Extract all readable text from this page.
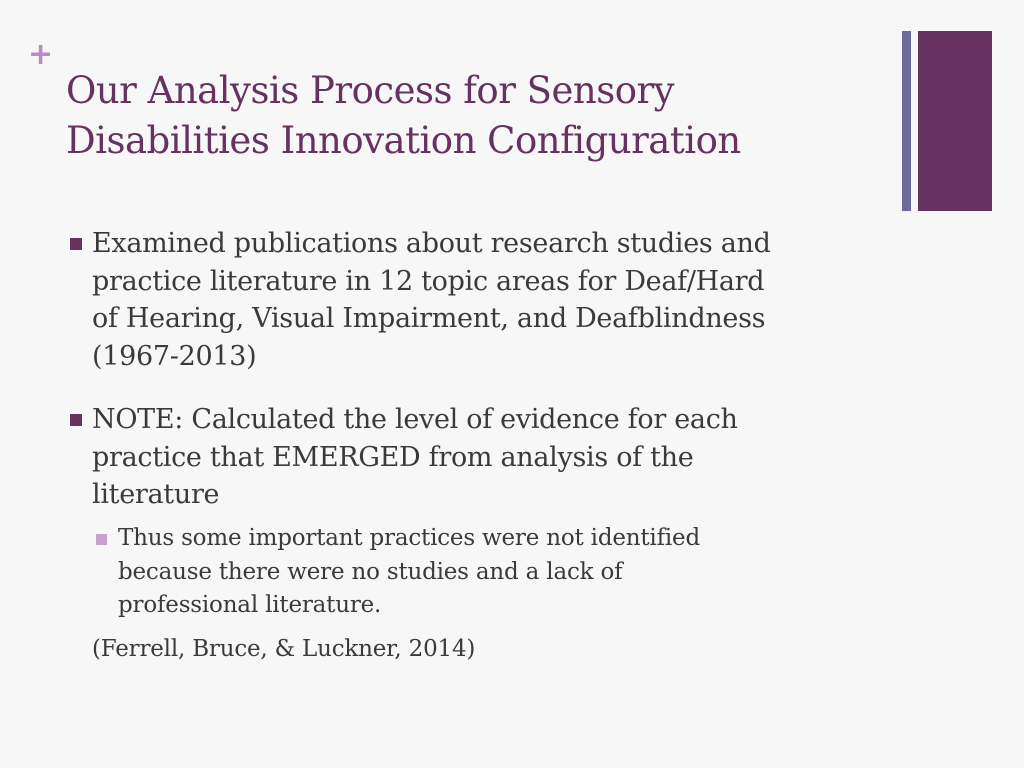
+
Our Analysis Process for Sensory
Disabilities Innovation Configuration
Examined publications about research studies and
practice literature in 12 topic areas for Deaf/Hard
of Hearing, Visual Impairment, and Deafblindness
(1967-2013)
NOTE: Calculated the level of evidence for each
practice that EMERGED from analysis of the
literature
Thus some important practices were not identified
because there were no studies and a lack of
professional literature.
(Ferrell, Bruce, & Luckner, 2014)
